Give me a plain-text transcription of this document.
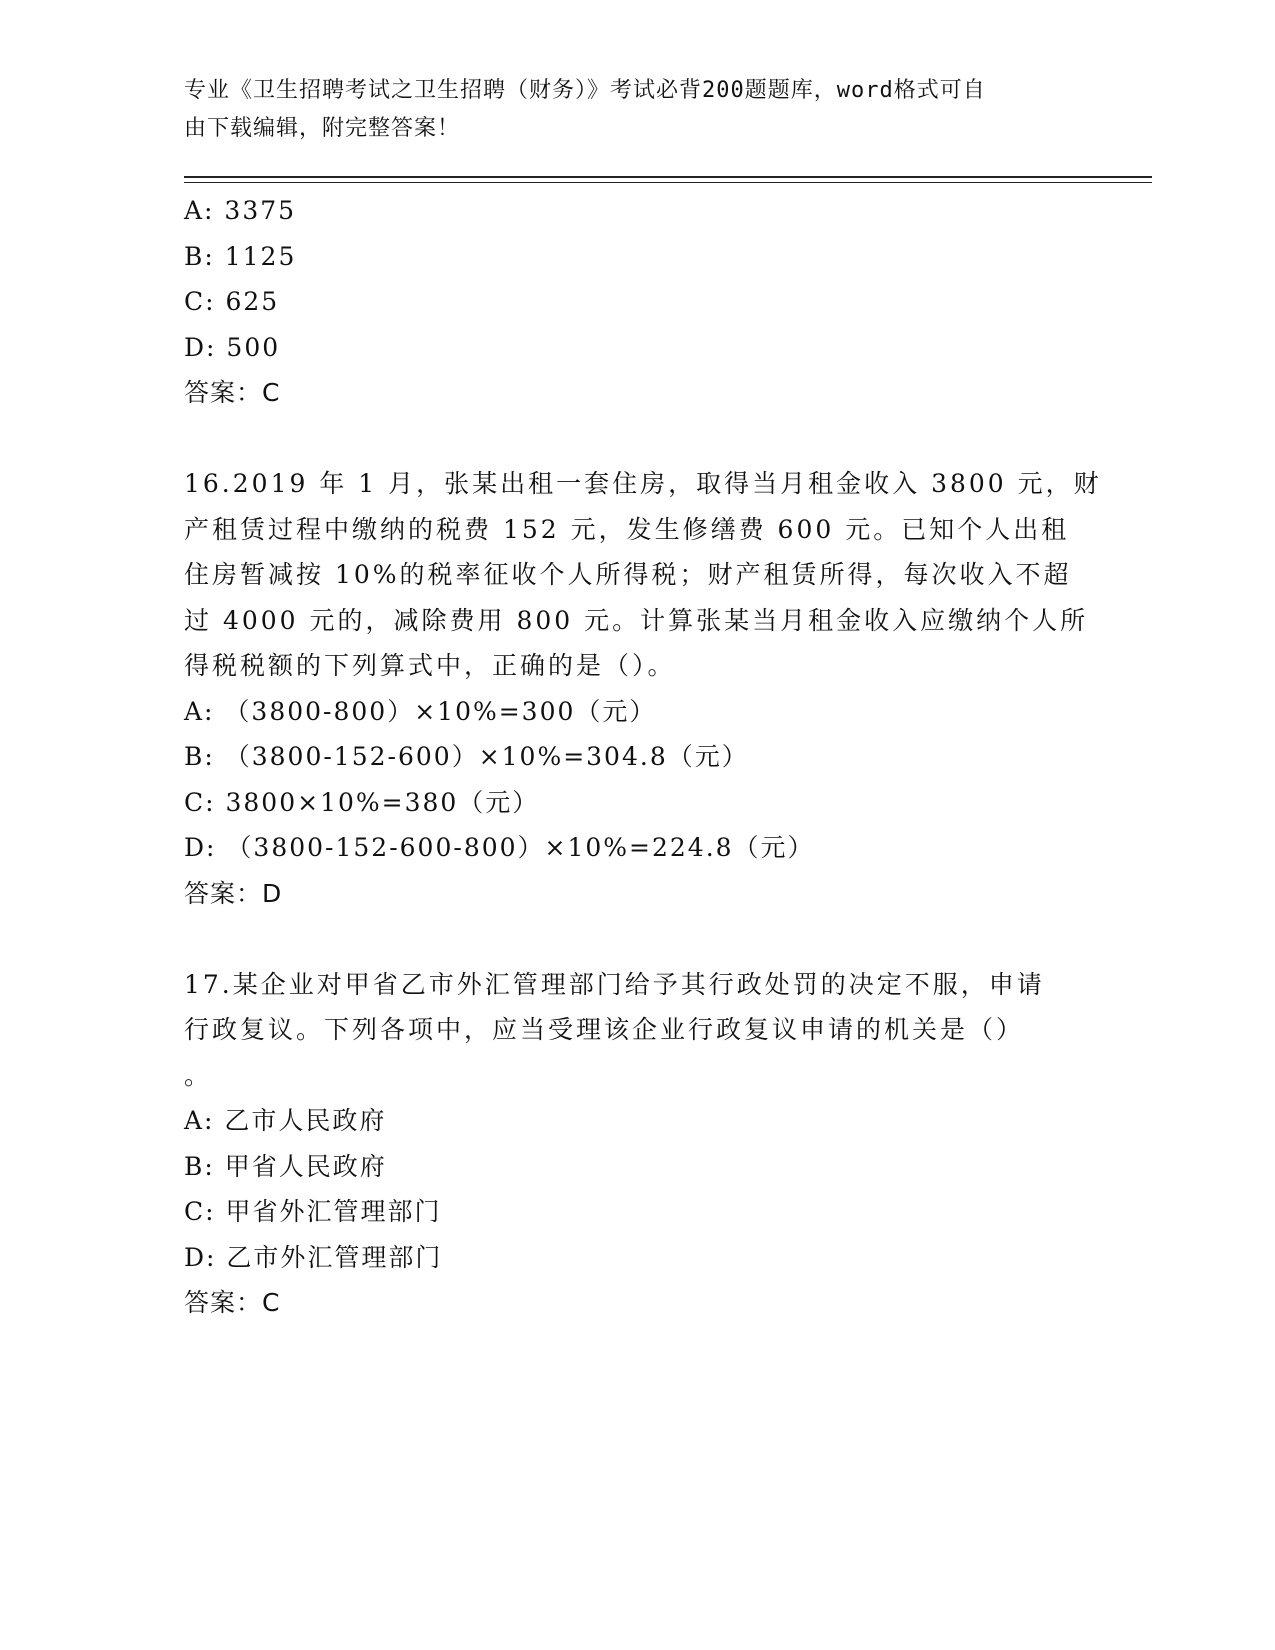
专业《卫生招聘考试之卫生招聘（财务）》考试必背200题题库，word格式可自
由下载编辑，附完整答案！
A: 3375
B: 1125
C: 625
D: 500
答案：C
16.2019 年 1 月，张某出租一套住房，取得当月租金收入 3800 元，财
产租赁过程中缴纳的税费 152 元，发生修缮费 600 元。已知个人出租
住房暂减按 10%的税率征收个人所得税；财产租赁所得，每次收入不超
过 4000 元的，减除费用 800 元。计算张某当月租金收入应缴纳个人所
得税税额的下列算式中，正确的是（）。
A: （3800-800）×10%=300（元）
B: （3800-152-600）×10%=304.8（元）
C: 3800×10%=380（元）
D: （3800-152-600-800）×10%=224.8（元）
答案：D
17.某企业对甲省乙市外汇管理部门给予其行政处罚的决定不服，申请
行政复议。下列各项中，应当受理该企业行政复议申请的机关是（）
。
A: 乙市人民政府
B: 甲省人民政府
C: 甲省外汇管理部门
D: 乙市外汇管理部门
答案：C
